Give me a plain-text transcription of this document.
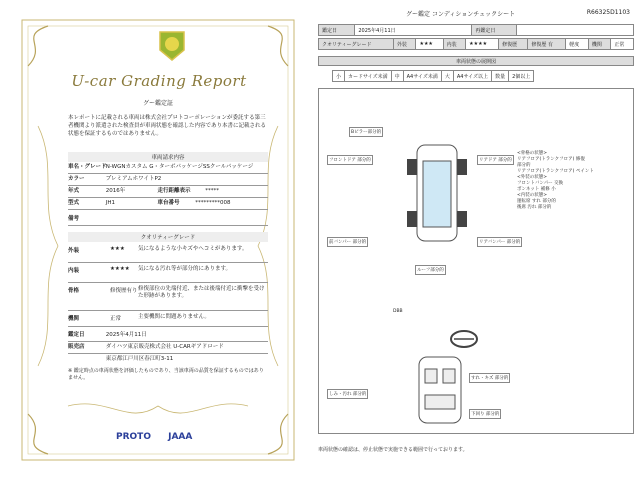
U-car Grading Report
グー鑑定証
本レポートに記載される車両は株式会社プロトコーポレーションが委託する第三者機関より派遣された検査員が車両状態を確認した内容であり本書に記載される状態を保証するものではありません。
車両請求内容
車名・グレード N-WGNカスタム G・ターボパッケージSSクールパッケージ
カラー	プレミアムホワイトP2
年式	2016年	走行距離表示	*****
型式	JH1	車台番号	*********008
備考
クオリティーグレード
外装	★★★ 気になるような小キズやへコミがあります。
内装	★★★★ 気になる汚れ等が部分的にあります。
骨格	修復歴有り 修復部位の先端付近、または後端付近に衝撃を受けた形跡があります。
機関	正常	主要機関に問題ありません。
鑑定日	2025年4月11日
販売店	ダイハツ東京販売株式会社 U-CARギアドロード
東京都江戸川区春江町3-11
※ 鑑定時点の車両状態を評価したものであり、当該車両の品質を保証するものではありません。
PROTO JAAA
グー鑑定 コンディションチェックシート	R66325D1103
鑑定日	2025年4月11日	再鑑定日	
クオリティーグレード	外装	★★★	内装	★★★★	修復歴	修復歴 有	軽度	機関	正常
車両状態の展開図
小	カードサイズ未満	中	A4サイズ未満	大	A4サイズ以上	数量	2個以上
Bピラー部分的
フロントドア 部分的	リアドア 部分的
前バンパー 部分的	リアバンパー 部分的
ルーフ部分的
DBB
すれ・キズ 部分的
しみ・汚れ 部分的
下回り 部分的
<骨格の状態>
リアフロア(トランクフロア) 修復
部分的
リアフロア(トランクフロア) ペイント
<外装の状態>
フロントバンパー 交換
ボンネット 補修 小
<内装の状態>
運転席 すれ 部分的
後席 汚れ 部分的
車両状態の確認は、停止状態で実施できる範囲で行っております。
